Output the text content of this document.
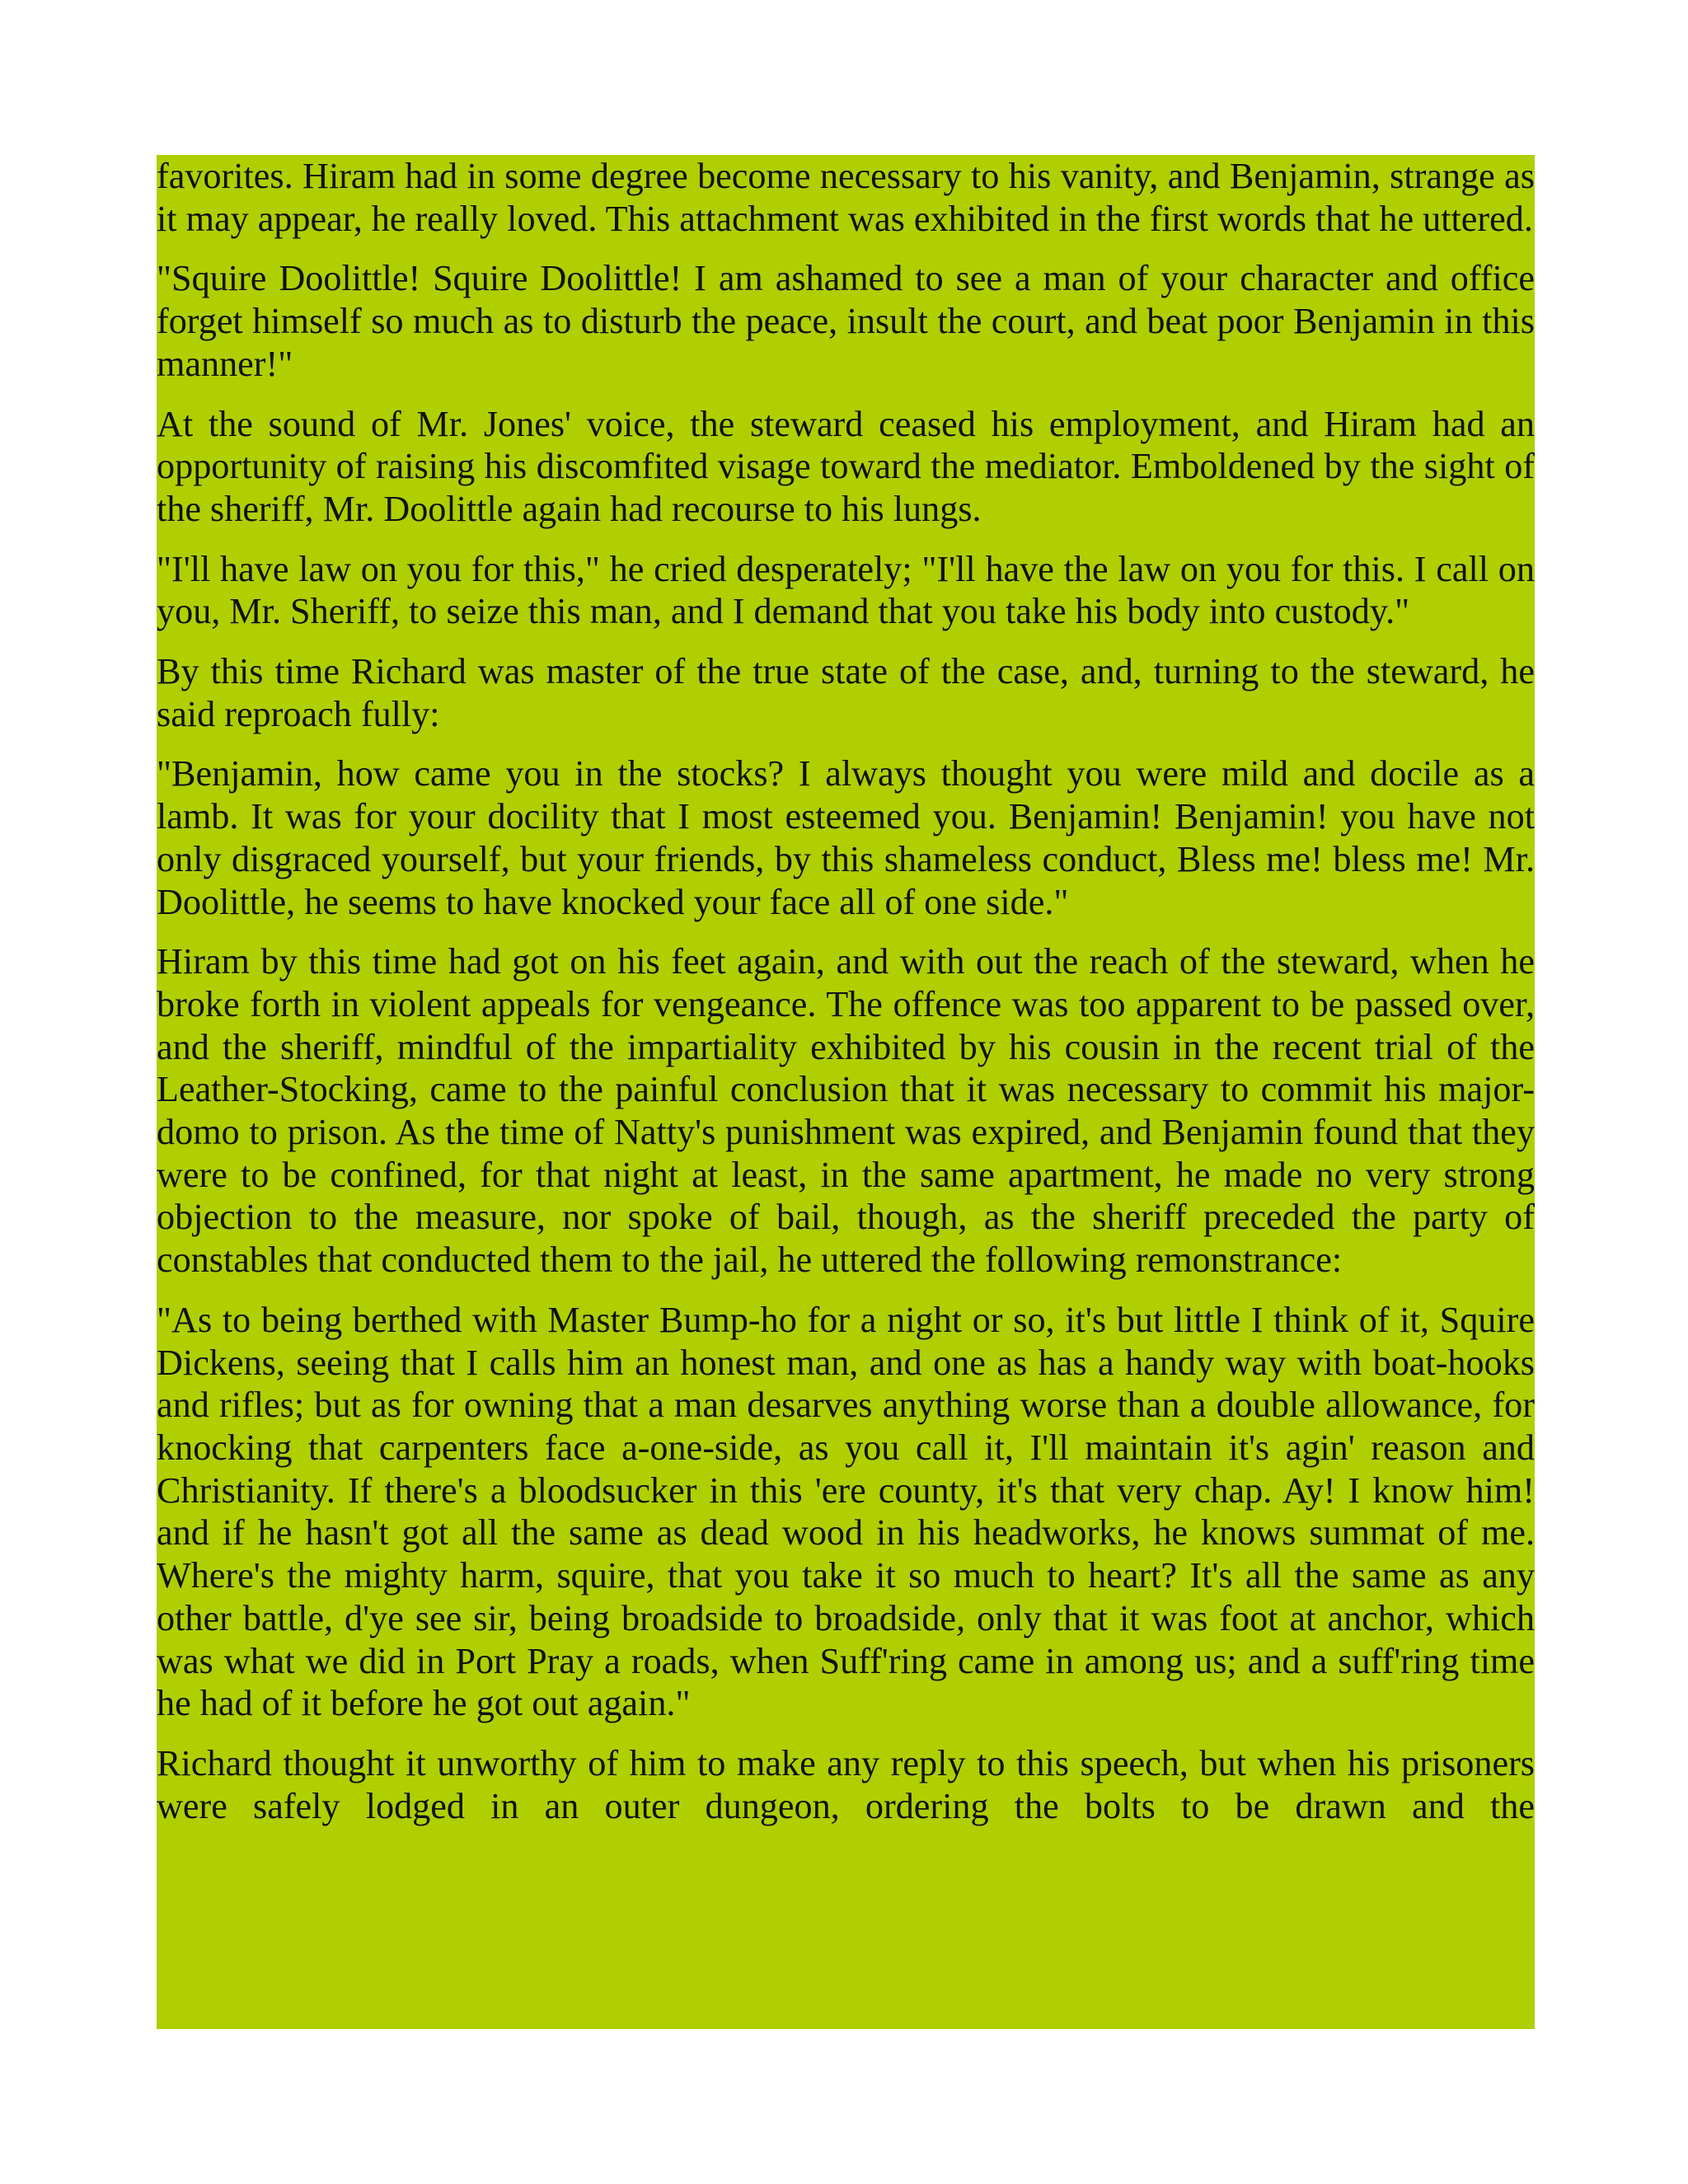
favorites. Hiram had in some degree become necessary to his vanity, and Benjamin, strange as it may appear, he really loved. This attachment was exhibited in the first words that he uttered.

"Squire Doolittle! Squire Doolittle! I am ashamed to see a man of your character and office forget himself so much as to disturb the peace, insult the court, and beat poor Benjamin in this manner!"

At the sound of Mr. Jones' voice, the steward ceased his employment, and Hiram had an opportunity of raising his discomfited visage toward the mediator. Emboldened by the sight of the sheriff, Mr. Doolittle again had recourse to his lungs.

"I'll have law on you for this," he cried desperately; "I'll have the law on you for this. I call on you, Mr. Sheriff, to seize this man, and I demand that you take his body into custody."

By this time Richard was master of the true state of the case, and, turning to the steward, he said reproach fully:

"Benjamin, how came you in the stocks? I always thought you were mild and docile as a lamb. It was for your docility that I most esteemed you. Benjamin! Benjamin! you have not only disgraced yourself, but your friends, by this shameless conduct, Bless me! bless me! Mr. Doolittle, he seems to have knocked your face all of one side."

Hiram by this time had got on his feet again, and with out the reach of the steward, when he broke forth in violent appeals for vengeance. The offence was too apparent to be passed over, and the sheriff, mindful of the impartiality exhibited by his cousin in the recent trial of the Leather-Stocking, came to the painful conclusion that it was necessary to commit his major-domo to prison. As the time of Natty's punishment was expired, and Benjamin found that they were to be confined, for that night at least, in the same apartment, he made no very strong objection to the measure, nor spoke of bail, though, as the sheriff preceded the party of constables that conducted them to the jail, he uttered the following remonstrance:

"As to being berthed with Master Bump-ho for a night or so, it's but little I think of it, Squire Dickens, seeing that I calls him an honest man, and one as has a handy way with boat-hooks and rifles; but as for owning that a man desarves anything worse than a double allowance, for knocking that carpenters face a-one-side, as you call it, I'll maintain it's agin' reason and Christianity. If there's a bloodsucker in this 'ere county, it's that very chap. Ay! I know him! and if he hasn't got all the same as dead wood in his headworks, he knows summat of me. Where's the mighty harm, squire, that you take it so much to heart? It's all the same as any other battle, d'ye see sir, being broadside to broadside, only that it was foot at anchor, which was what we did in Port Pray a roads, when Suff'ring came in among us; and a suff'ring time he had of it before he got out again."

Richard thought it unworthy of him to make any reply to this speech, but when his prisoners were safely lodged in an outer dungeon, ordering the bolts to be drawn and the
